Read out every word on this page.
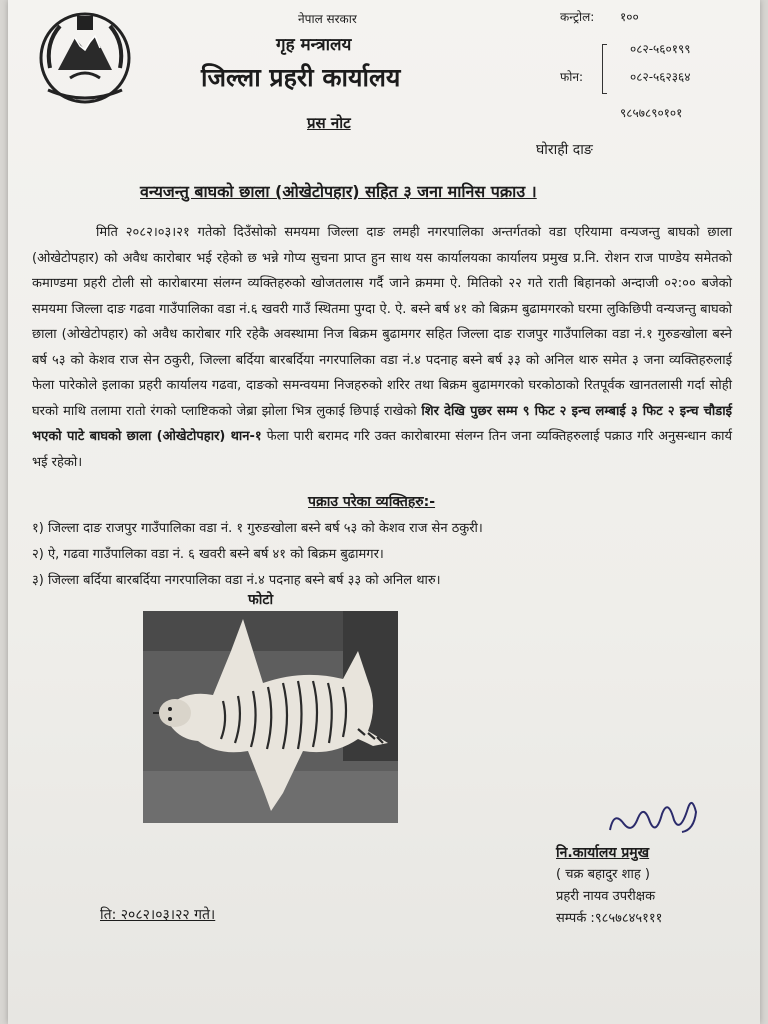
———
नेपाल सरकार
गृह मन्त्रालय
जिल्ला प्रहरी कार्यालय
प्रस नोट
कन्ट्रोल: १००
फोन:
०८२-५६०१९९
०८२-५६२३६४
९८५७८९०१०१
घोराही दाङ
वन्यजन्तु बाघको छाला (ओखेटोपहार) सहित ३ जना मानिस पक्राउ ।
मिति २०८२।०३।२१ गतेको दिउँसोको समयमा जिल्ला दाङ लमही नगरपालिका अन्तर्गतको वडा एरियामा वन्यजन्तु बाघको छाला (ओखेटोपहार) को अवैध कारोबार भई रहेको छ भन्ने गोप्य सुचना प्राप्त हुन साथ यस कार्यालयका कार्यालय प्रमुख प्र.नि. रोशन राज पाण्डेय समेतको कमाण्डमा प्रहरी टोली सो कारोबारमा संलग्न व्यक्तिहरुको खोजतलास गर्दै जाने क्रममा ऐ. मितिको २२ गते राती बिहानको अन्दाजी ०२:०० बजेको समयमा जिल्ला दाङ गढवा गाउँपालिका वडा नं.६ खवरी गाउँ स्थितमा पुग्दा ऐ. ऐ. बस्ने बर्ष ४१ को बिक्रम बुढामगरको घरमा लुकिछिपी वन्यजन्तु बाघको छाला (ओखेटोपहार) को अवैध कारोबार गरि रहेकै अवस्थामा निज बिक्रम बुढामगर सहित जिल्ला दाङ राजपुर गाउँपालिका वडा नं.१ गुरुङखोला बस्ने बर्ष ५३ को केशव राज सेन ठकुरी, जिल्ला बर्दिया बारबर्दिया नगरपालिका वडा नं.४ पदनाह बस्ने बर्ष ३३ को अनिल थारु समेत ३ जना व्यक्तिहरुलाई फेला पारेकोले इलाका प्रहरी कार्यालय गढवा, दाङको समन्वयमा निजहरुको शरिर तथा बिक्रम बुढामगरको घरकोठाको रितपूर्वक खानतलासी गर्दा सोही घरको माथि तलामा रातो रंगको प्लाष्टिकको जेब्रा झोला भित्र लुकाई छिपाई राखेको शिर देखि पुछर सम्म ९ फिट २ इन्च लम्बाई ३ फिट २ इन्च चौडाई भएको पाटे बाघको छाला (ओखेटोपहार) थान-१ फेला पारी बरामद गरि उक्त कारोबारमा संलग्न तिन जना व्यक्तिहरुलाई पक्राउ गरि अनुसन्धान कार्य भई रहेको।
पक्राउ परेका व्यक्तिहरु:-
१) जिल्ला दाङ राजपुर गाउँपालिका वडा नं. १ गुरुङखोला बस्ने बर्ष ५३ को केशव राज सेन ठकुरी।
२) ऐ, गढवा गाउँपालिका वडा नं. ६ खवरी बस्ने बर्ष ४१ को बिक्रम बुढामगर।
३) जिल्ला बर्दिया बारबर्दिया नगरपालिका वडा नं.४ पदनाह बस्ने बर्ष ३३ को अनिल थारु।
फोटो
नि.कार्यालय प्रमुख
( चक्र बहादुर शाह )
प्रहरी नायव उपरीक्षक
सम्पर्क :९८५७८४५१११
ति: २०८२।०३।२२ गते।
